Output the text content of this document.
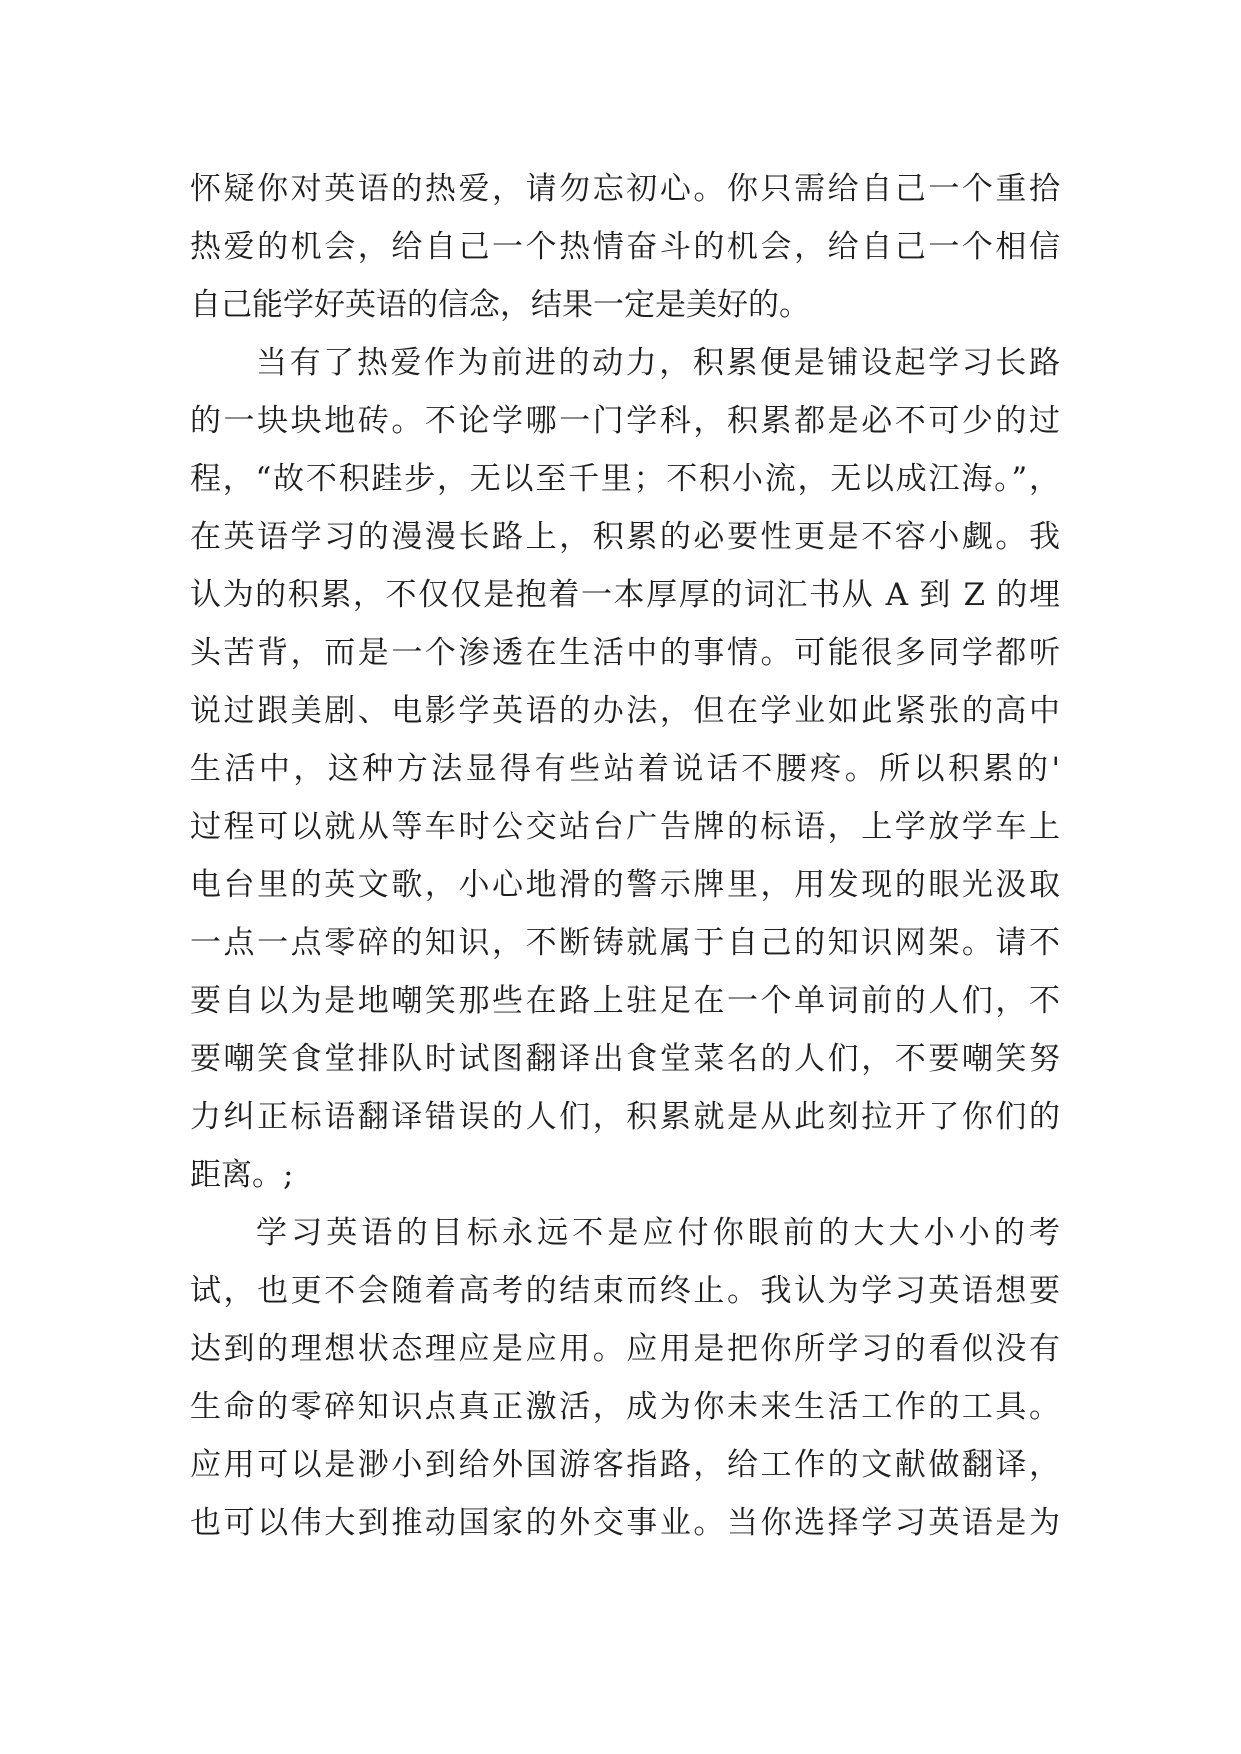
怀疑你对英语的热爱，请勿忘初心。你只需给自己一个重拾
热爱的机会，给自己一个热情奋斗的机会，给自己一个相信
自己能学好英语的信念，结果一定是美好的。
当有了热爱作为前进的动力，积累便是铺设起学习长路
的一块块地砖。不论学哪一门学科，积累都是必不可少的过
程，“故不积跬步，无以至千里；不积小流，无以成江海。”，
在英语学习的漫漫长路上，积累的必要性更是不容小觑。我
认为的积累，不仅仅是抱着一本厚厚的词汇书从 A 到 Z 的埋
头苦背，而是一个渗透在生活中的事情。可能很多同学都听
说过跟美剧、电影学英语的办法，但在学业如此紧张的高中
生活中，这种方法显得有些站着说话不腰疼。所以积累的'
过程可以就从等车时公交站台广告牌的标语，上学放学车上
电台里的英文歌，小心地滑的警示牌里，用发现的眼光汲取
一点一点零碎的知识，不断铸就属于自己的知识网架。请不
要自以为是地嘲笑那些在路上驻足在一个单词前的人们，不
要嘲笑食堂排队时试图翻译出食堂菜名的人们，不要嘲笑努
力纠正标语翻译错误的人们，积累就是从此刻拉开了你们的
距离。;
学习英语的目标永远不是应付你眼前的大大小小的考
试，也更不会随着高考的结束而终止。我认为学习英语想要
达到的理想状态理应是应用。应用是把你所学习的看似没有
生命的零碎知识点真正激活，成为你未来生活工作的工具。
应用可以是渺小到给外国游客指路，给工作的文献做翻译，
也可以伟大到推动国家的外交事业。当你选择学习英语是为
